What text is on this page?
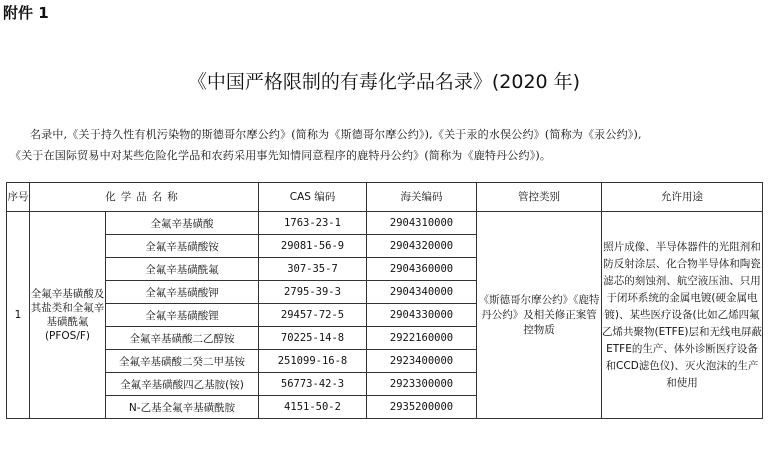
附件 1
《中国严格限制的有毒化学品名录》(2020 年)
名录中,《关于持久性有机污染物的斯德哥尔摩公约》(简称为《斯德哥尔摩公约》),《关于汞的水俣公约》(简称为《汞公约》),
《关于在国际贸易中对某些危险化学品和农药采用事先知情同意程序的鹿特丹公约》(简称为《鹿特丹公约》)。
序号	化学品名称		CAS 编码	海关编码	管控类别	允许用途
1	全氟辛基磺酸及其盐类和全氟辛基磺酰氟(PFOS/F)	全氟辛基磺酸	1763-23-1	2904310000	《斯德哥尔摩公约》《鹿特丹公约》及相关修正案管控物质	照片成像、半导体器件的光阻剂和防反射涂层、化合物半导体和陶瓷滤芯的刻蚀剂、航空液压油、只用于闭环系统的金属电镀(硬金属电镀)、某些医疗设备(比如乙烯四氟乙烯共聚物(ETFE)层和无线电屏蔽ETFE的生产、体外诊断医疗设备和CCD滤色仪)、灭火泡沫的生产和使用
		全氟辛基磺酸铵	29081-56-9	2904320000		
		全氟辛基磺酰氟	307-35-7	2904360000		
		全氟辛基磺酸钾	2795-39-3	2904340000		
		全氟辛基磺酸锂	29457-72-5	2904330000		
		全氟辛基磺酸二乙醇铵	70225-14-8	2922160000		
		全氟辛基磺酸二癸二甲基铵	251099-16-8	2923400000		
		全氟辛基磺酸四乙基胺(铵)	56773-42-3	2923300000		
		N-乙基全氟辛基磺酰胺	4151-50-2	2935200000		
